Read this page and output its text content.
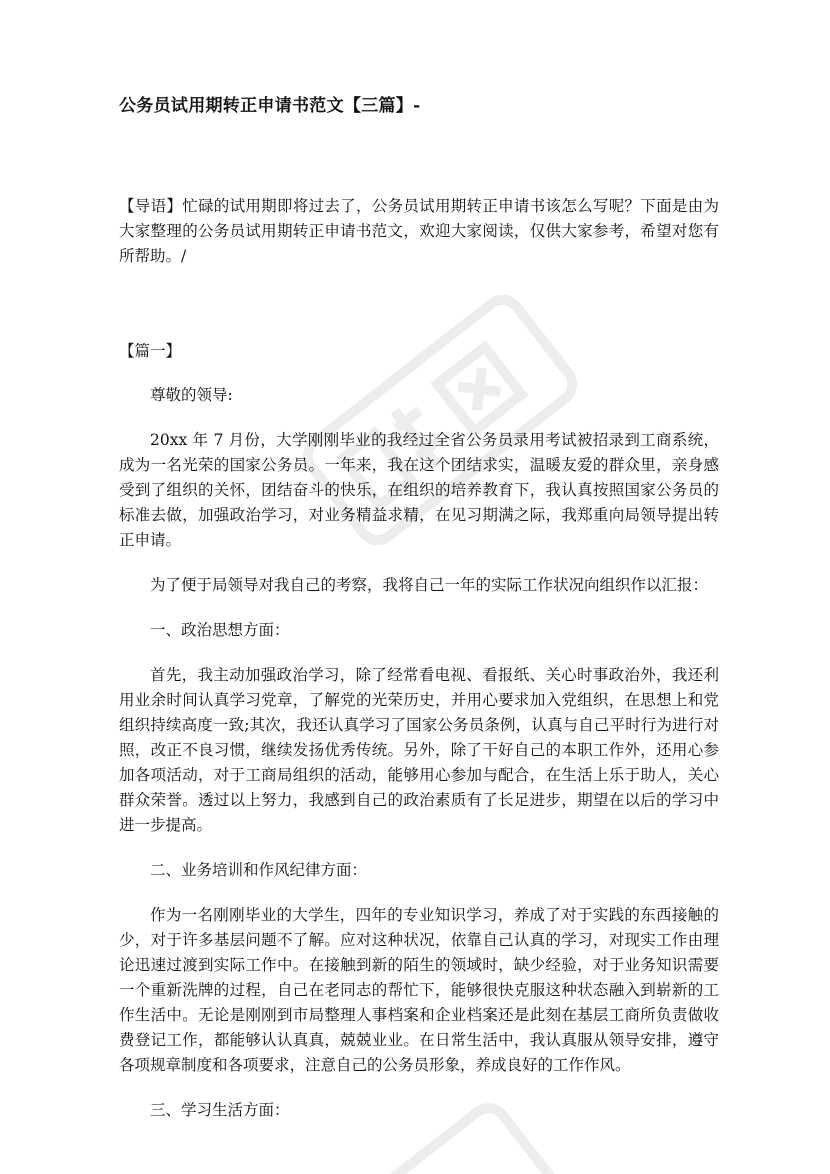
公务员试用期转正申请书范文【三篇】-

【导语】忙碌的试用期即将过去了，公务员试用期转正申请书该怎么写呢？下面是由为大家整理的公务员试用期转正申请书范文，欢迎大家阅读，仅供大家参考，希望对您有所帮助。/

【篇一】

尊敬的领导:

20xx 年 7 月份，大学刚刚毕业的我经过全省公务员录用考试被招录到工商系统，成为一名光荣的国家公务员。一年来，我在这个团结求实，温暖友爱的群众里，亲身感受到了组织的关怀，团结奋斗的快乐，在组织的培养教育下，我认真按照国家公务员的标准去做，加强政治学习，对业务精益求精，在见习期满之际，我郑重向局领导提出转正申请。

为了便于局领导对我自己的考察，我将自己一年的实际工作状况向组织作以汇报：

一、政治思想方面：

首先，我主动加强政治学习，除了经常看电视、看报纸、关心时事政治外，我还利用业余时间认真学习党章，了解党的光荣历史，并用心要求加入党组织，在思想上和党组织持续高度一致;其次，我还认真学习了国家公务员条例，认真与自己平时行为进行对照，改正不良习惯，继续发扬优秀传统。另外，除了干好自己的本职工作外，还用心参加各项活动，对于工商局组织的活动，能够用心参加与配合，在生活上乐于助人，关心群众荣誉。透过以上努力，我感到自己的政治素质有了长足进步，期望在以后的学习中进一步提高。

二、业务培训和作风纪律方面：

作为一名刚刚毕业的大学生，四年的专业知识学习，养成了对于实践的东西接触的少，对于许多基层问题不了解。应对这种状况，依靠自己认真的学习，对现实工作由理论迅速过渡到实际工作中。在接触到新的陌生的领域时，缺少经验，对于业务知识需要一个重新洗牌的过程，自己在老同志的帮忙下，能够很快克服这种状态融入到崭新的工作生活中。无论是刚刚到市局整理人事档案和企业档案还是此刻在基层工商所负责做收费登记工作，都能够认认真真，兢兢业业。在日常生活中，我认真服从领导安排，遵守各项规章制度和各项要求，注意自己的公务员形象，养成良好的工作作风。

三、学习生活方面：
